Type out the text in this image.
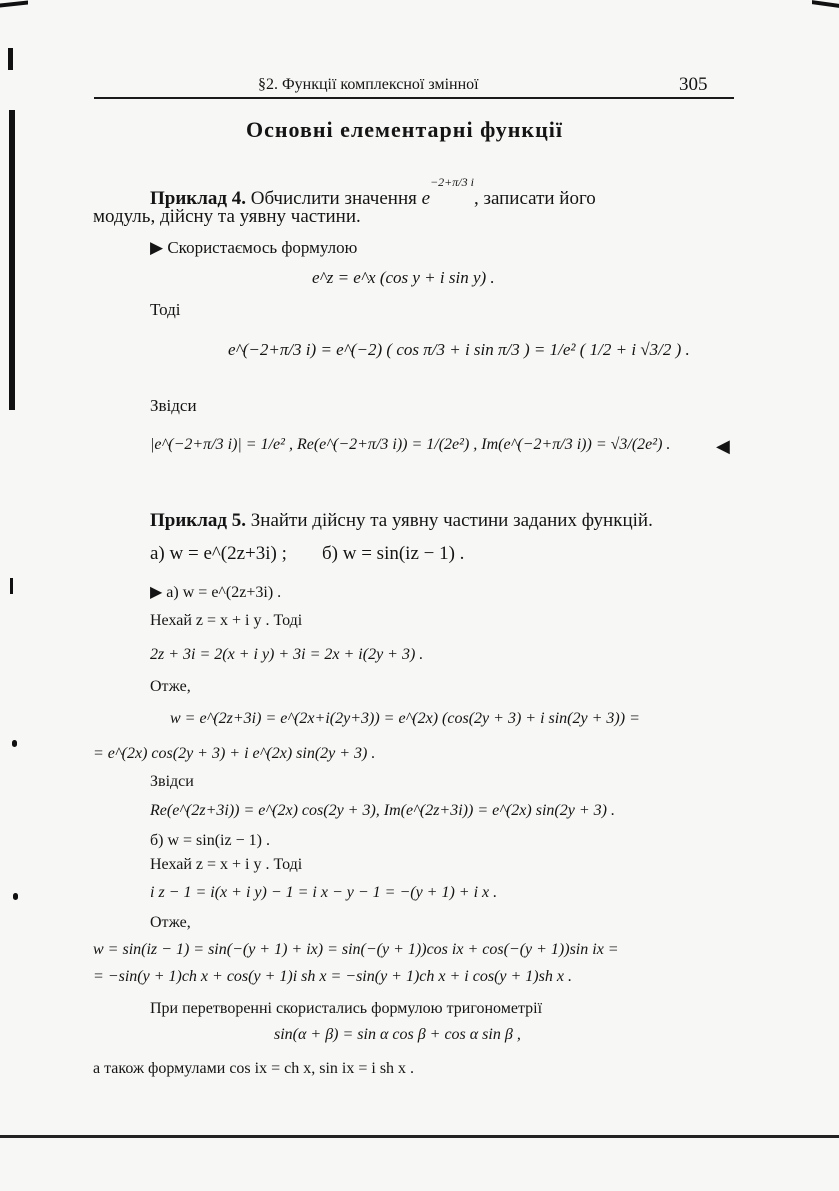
§2. Функції комплексної змінної	305
Основні елементарні функції
Приклад 4. Обчислити значення $e^{-2+\pi/3 i}$, записати його
модуль, дійсну та уявну частини.
▶ Скористаємось формулою
e^z = e^x (cos y + i sin y) .
Тоді
e^(−2+π/3 i) = e^(−2) ( cos π/3 + i sin π/3 ) = 1/e² ( 1/2 + i √3/2 ) .
Звідси
|e^(−2+π/3 i)| = 1/e² , Re(e^(−2+π/3 i)) = 1/(2e²) , Im(e^(−2+π/3 i)) = √3/(2e²) .	◀
Приклад 5. Знайти дійсну та уявну частини заданих функцій.
а) w = e^(2z+3i) ; б) w = sin(iz − 1) .
▶ а) w = e^(2z+3i) .
Нехай z = x + i y . Тоді
2z + 3i = 2(x + i y) + 3i = 2x + i(2y + 3) .
Отже,
w = e^(2z+3i) = e^(2x+i(2y+3)) = e^(2x) (cos(2y + 3) + i sin(2y + 3)) =
= e^(2x) cos(2y + 3) + i e^(2x) sin(2y + 3) .
Звідси
Re(e^(2z+3i)) = e^(2x) cos(2y + 3), Im(e^(2z+3i)) = e^(2x) sin(2y + 3) .
б) w = sin(iz − 1) .
Нехай z = x + i y . Тоді
i z − 1 = i(x + i y) − 1 = i x − y − 1 = −(y + 1) + i x .
Отже,
w = sin(iz − 1) = sin(−(y + 1) + ix) = sin(−(y + 1))cos ix + cos(−(y + 1))sin ix =
= −sin(y + 1)ch x + cos(y + 1)i sh x = −sin(y + 1)ch x + i cos(y + 1)sh x .
При перетворенні скористались формулою тригонометрії
sin(α + β) = sin α cos β + cos α sin β ,
а також формулами cos ix = ch x, sin ix = i sh x .
